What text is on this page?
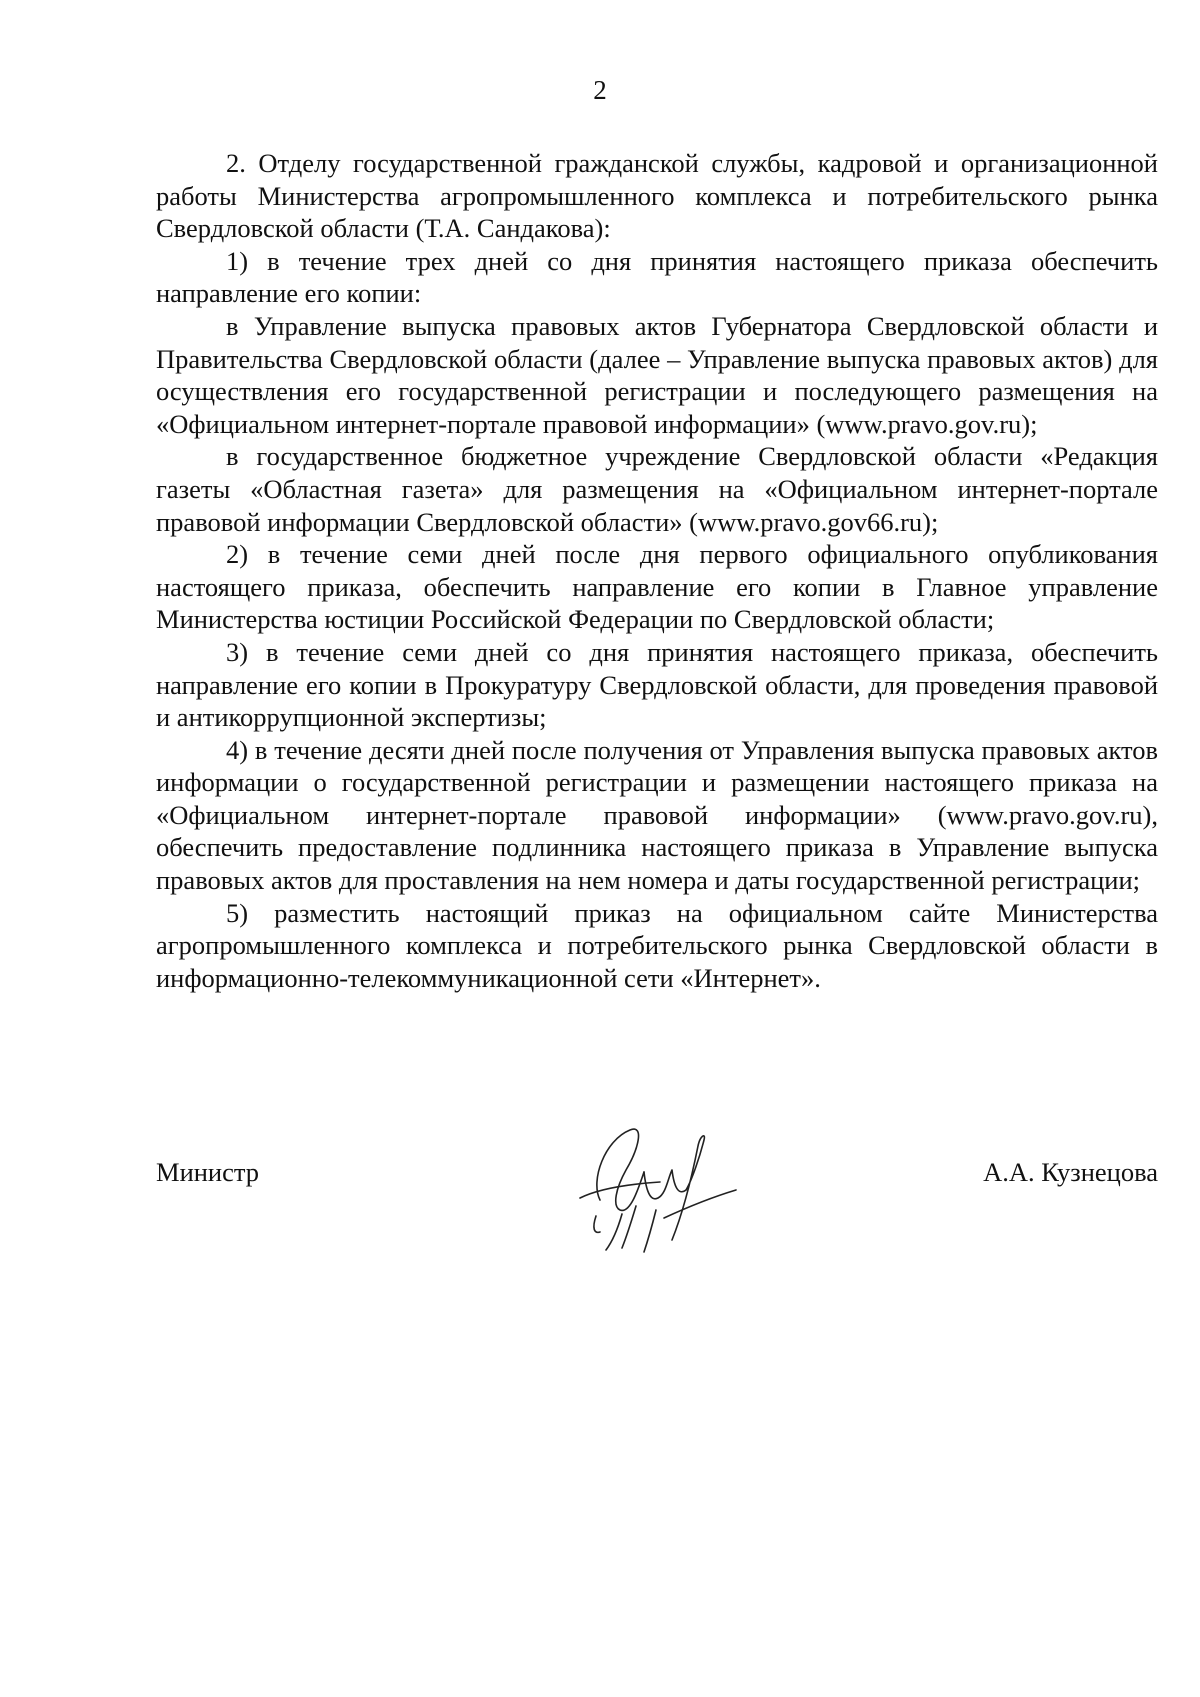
2

2. Отделу государственной гражданской службы, кадровой и организационной работы Министерства агропромышленного комплекса и потребительского рынка Свердловской области (Т.А. Сандакова):

1) в течение трех дней со дня принятия настоящего приказа обеспечить направление его копии:

в Управление выпуска правовых актов Губернатора Свердловской области и Правительства Свердловской области (далее – Управление выпуска правовых актов) для осуществления его государственной регистрации и последующего размещения на «Официальном интернет-портале правовой информации» (www.pravo.gov.ru);

в государственное бюджетное учреждение Свердловской области «Редакция газеты «Областная газета» для размещения на «Официальном интернет-портале правовой информации Свердловской области» (www.pravo.gov66.ru);

2) в течение семи дней после дня первого официального опубликования настоящего приказа, обеспечить направление его копии в Главное управление Министерства юстиции Российской Федерации по Свердловской области;

3) в течение семи дней со дня принятия настоящего приказа, обеспечить направление его копии в Прокуратуру Свердловской области, для проведения правовой и антикоррупционной экспертизы;

4) в течение десяти дней после получения от Управления выпуска правовых актов информации о государственной регистрации и размещении настоящего приказа на «Официальном интернет-портале правовой информации» (www.pravo.gov.ru), обеспечить предоставление подлинника настоящего приказа в Управление выпуска правовых актов для проставления на нем номера и даты государственной регистрации;

5) разместить настоящий приказ на официальном сайте Министерства агропромышленного комплекса и потребительского рынка Свердловской области в информационно-телекоммуникационной сети «Интернет».

Министр	А.А. Кузнецова
